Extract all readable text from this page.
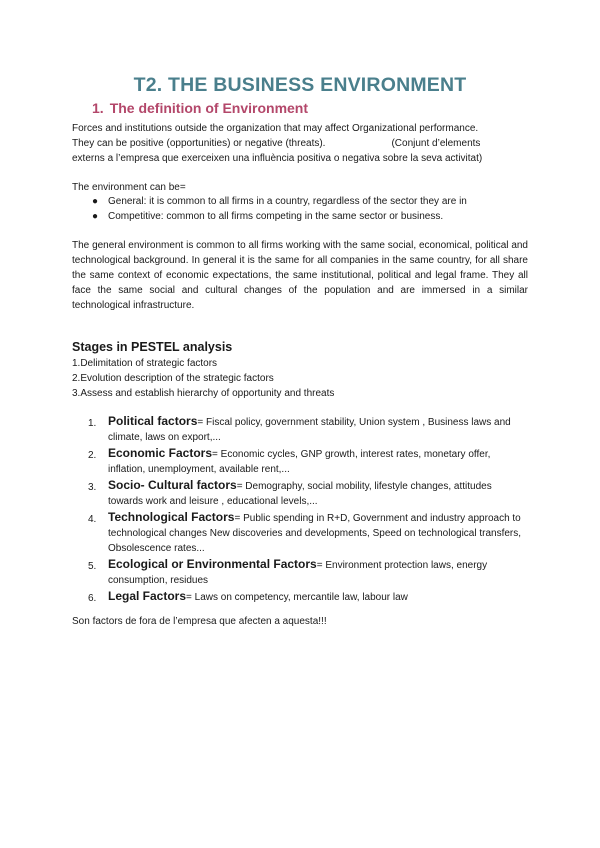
T2. THE BUSINESS ENVIRONMENT
1. The definition of Environment
Forces and institutions outside the organization that may affect Organizational performance.
They can be positive (opportunities) or negative (threats).	(Conjunt d’elements
externs a l’empresa que exerceixen una influència positiva o negativa sobre la seva activitat)
The environment can be=
● General: it is common to all firms in a country, regardless of the sector they are in
● Competitive: common to all firms competing in the same sector or business.
The general environment is common to all firms working with the same social, economical, political and technological background. In general it is the same for all companies in the same country, for all share the same context of economic expectations, the same institutional, political and legal frame. They all face the same social and cultural changes of the population and are immersed in a similar technological infrastructure.
Stages in PESTEL analysis
1.Delimitation of strategic factors
2.Evolution description of the strategic factors
3.Assess and establish hierarchy of opportunity and threats
1. Political factors= Fiscal policy, government stability, Union system , Business laws and climate, laws on export,...
2. Economic Factors= Economic cycles, GNP growth, interest rates, monetary offer, inflation, unemployment, available rent,...
3. Socio- Cultural factors= Demography, social mobility, lifestyle changes, attitudes towards work and leisure , educational levels,...
4. Technological Factors= Public spending in R+D, Government and industry approach to technological changes New discoveries and developments, Speed on technological transfers, Obsolescence rates...
5. Ecological or Environmental Factors= Environment protection laws, energy consumption, residues
6. Legal Factors= Laws on competency, mercantile law, labour law
Son factors de fora de l’empresa que afecten a aquesta!!!
